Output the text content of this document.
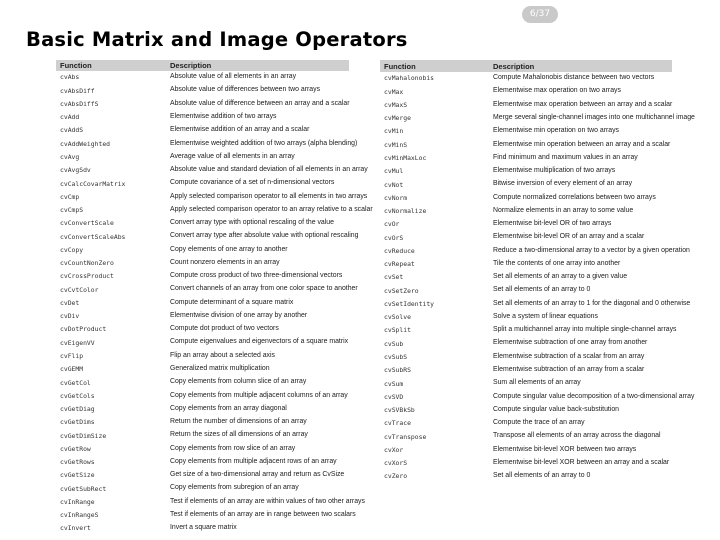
6/37
Basic Matrix and Image Operators
Function	Description
cvAbs	Absolute value of all elements in an array
cvAbsDiff	Absolute value of differences between two arrays
cvAbsDiffS	Absolute value of difference between an array and a scalar
cvAdd	Elementwise addition of two arrays
cvAddS	Elementwise addition of an array and a scalar
cvAddWeighted	Elementwise weighted addition of two arrays (alpha blending)
cvAvg	Average value of all elements in an array
cvAvgSdv	Absolute value and standard deviation of all elements in an array
cvCalcCovarMatrix	Compute covariance of a set of n-dimensional vectors
cvCmp	Apply selected comparison operator to all elements in two arrays
cvCmpS	Apply selected comparison operator to an array relative to a scalar
cvConvertScale	Convert array type with optional rescaling of the value
cvConvertScaleAbs	Convert array type after absolute value with optional rescaling
cvCopy	Copy elements of one array to another
cvCountNonZero	Count nonzero elements in an array
cvCrossProduct	Compute cross product of two three-dimensional vectors
cvCvtColor	Convert channels of an array from one color space to another
cvDet	Compute determinant of a square matrix
cvDiv	Elementwise division of one array by another
cvDotProduct	Compute dot product of two vectors
cvEigenVV	Compute eigenvalues and eigenvectors of a square matrix
cvFlip	Flip an array about a selected axis
cvGEMM	Generalized matrix multiplication
cvGetCol	Copy elements from column slice of an array
cvGetCols	Copy elements from multiple adjacent columns of an array
cvGetDiag	Copy elements from an array diagonal
cvGetDims	Return the number of dimensions of an array
cvGetDimSize	Return the sizes of all dimensions of an array
cvGetRow	Copy elements from row slice of an array
cvGetRows	Copy elements from multiple adjacent rows of an array
cvGetSize	Get size of a two-dimensional array and return as CvSize
cvGetSubRect	Copy elements from subregion of an array
cvInRange	Test if elements of an array are within values of two other arrays
cvInRangeS	Test if elements of an array are in range between two scalars
cvInvert	Invert a square matrix
Function	Description
cvMahalonobis	Compute Mahalonobis distance between two vectors
cvMax	Elementwise max operation on two arrays
cvMaxS	Elementwise max operation between an array and a scalar
cvMerge	Merge several single-channel images into one multichannel image
cvMin	Elementwise min operation on two arrays
cvMinS	Elementwise min operation between an array and a scalar
cvMinMaxLoc	Find minimum and maximum values in an array
cvMul	Elementwise multiplication of two arrays
cvNot	Bitwise inversion of every element of an array
cvNorm	Compute normalized correlations between two arrays
cvNormalize	Normalize elements in an array to some value
cvOr	Elementwise bit-level OR of two arrays
cvOrS	Elementwise bit-level OR of an array and a scalar
cvReduce	Reduce a two-dimensional array to a vector by a given operation
cvRepeat	Tile the contents of one array into another
cvSet	Set all elements of an array to a given value
cvSetZero	Set all elements of an array to 0
cvSetIdentity	Set all elements of an array to 1 for the diagonal and 0 otherwise
cvSolve	Solve a system of linear equations
cvSplit	Split a multichannel array into multiple single-channel arrays
cvSub	Elementwise subtraction of one array from another
cvSubS	Elementwise subtraction of a scalar from an array
cvSubRS	Elementwise subtraction of an array from a scalar
cvSum	Sum all elements of an array
cvSVD	Compute singular value decomposition of a two-dimensional array
cvSVBkSb	Compute singular value back-substitution
cvTrace	Compute the trace of an array
cvTranspose	Transpose all elements of an array across the diagonal
cvXor	Elementwise bit-level XOR between two arrays
cvXorS	Elementwise bit-level XOR between an array and a scalar
cvZero	Set all elements of an array to 0
